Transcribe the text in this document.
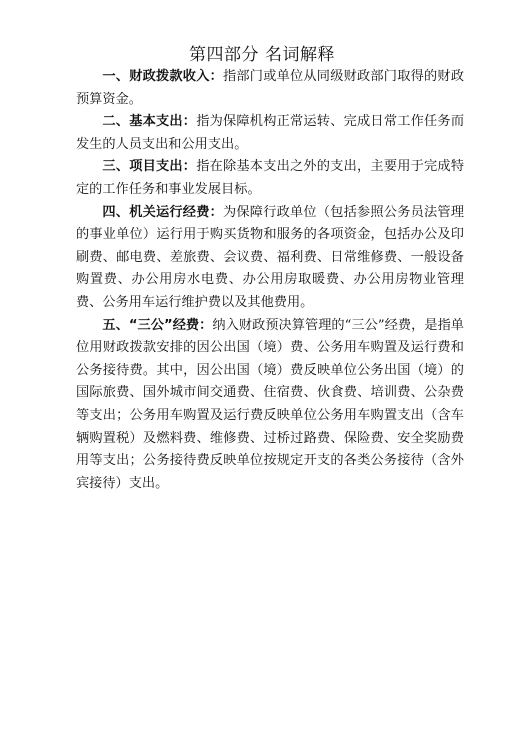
第四部分 名词解释

一、财政拨款收入：指部门或单位从同级财政部门取得的财政预算资金。

二、基本支出：指为保障机构正常运转、完成日常工作任务而发生的人员支出和公用支出。

三、项目支出：指在除基本支出之外的支出，主要用于完成特定的工作任务和事业发展目标。

四、机关运行经费：为保障行政单位（包括参照公务员法管理的事业单位）运行用于购买货物和服务的各项资金，包括办公及印刷费、邮电费、差旅费、会议费、福利费、日常维修费、一般设备购置费、办公用房水电费、办公用房取暖费、办公用房物业管理费、公务用车运行维护费以及其他费用。

五、“三公”经费：纳入财政预决算管理的“三公”经费，是指单位用财政拨款安排的因公出国（境）费、公务用车购置及运行费和公务接待费。其中，因公出国（境）费反映单位公务出国（境）的国际旅费、国外城市间交通费、住宿费、伙食费、培训费、公杂费等支出；公务用车购置及运行费反映单位公务用车购置支出（含车辆购置税）及燃料费、维修费、过桥过路费、保险费、安全奖励费用等支出；公务接待费反映单位按规定开支的各类公务接待（含外宾接待）支出。
